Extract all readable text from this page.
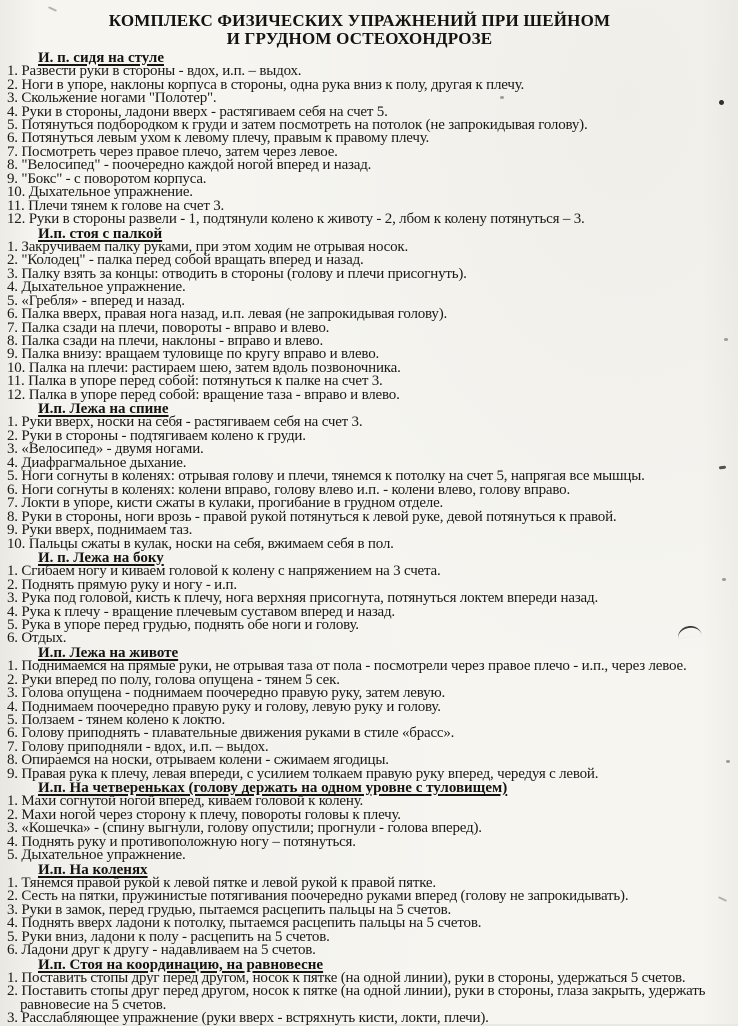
КОМПЛЕКС ФИЗИЧЕСКИХ УПРАЖНЕНИЙ ПРИ ШЕЙНОМ
И ГРУДНОМ ОСТЕОХОНДРОЗЕ
И. п. сидя на стуле
1. Развести руки в стороны - вдох, и.п. – выдох.
2. Ноги в упоре, наклоны корпуса в стороны, одна рука вниз к полу, другая к плечу.
3. Скольжение ногами "Полотер".
4. Руки в стороны, ладони вверх - растягиваем себя на счет 5.
5. Потянуться подбородком к груди и затем посмотреть на потолок (не запрокидывая голову).
6. Потянуться левым ухом к левому плечу, правым к правому плечу.
7. Посмотреть через правое плечо, затем через левое.
8. "Велосипед" - поочередно каждой ногой вперед и назад.
9. "Бокс" - с поворотом корпуса.
10. Дыхательное упражнение.
11. Плечи тянем к голове на счет 3.
12. Руки в стороны развели - 1, подтянули колено к животу - 2, лбом к колену потянуться – 3.
И.п. стоя с палкой
1. Закручиваем палку руками, при этом ходим не отрывая носок.
2. "Колодец" - палка перед собой вращать вперед и назад.
3. Палку взять за концы: отводить в стороны (голову и плечи присогнуть).
4. Дыхательное упражнение.
5. «Гребля» - вперед и назад.
6. Палка вверх, правая нога назад, и.п. левая (не запрокидывая голову).
7. Палка сзади на плечи, повороты - вправо и влево.
8. Палка сзади на плечи, наклоны - вправо и влево.
9. Палка внизу: вращаем туловище по кругу вправо и влево.
10. Палка на плечи: растираем шею, затем вдоль позвоночника.
11. Палка в упоре перед собой: потянуться к палке на счет 3.
12. Палка в упоре перед собой: вращение таза - вправо и влево.
И.п. Лежа на спине
1. Руки вверх, носки на себя - растягиваем себя на счет 3.
2. Руки в стороны - подтягиваем колено к груди.
3. «Велосипед» - двумя ногами.
4. Диафрагмальное дыхание.
5. Ноги согнуты в коленях: отрывая голову и плечи, тянемся к потолку на счет 5, напрягая все мышцы.
6. Ноги согнуты в коленях: колени вправо, голову влево и.п. - колени влево, голову вправо.
7. Локти в упоре, кисти сжаты в кулаки, прогибание в грудном отделе.
8. Руки в стороны, ноги врозь - правой рукой потянуться к левой руке, девой потянуться к правой.
9. Руки вверх, поднимаем таз.
10. Пальцы сжаты в кулак, носки на себя, вжимаем себя в пол.
И. п. Лежа на боку
1. Сгибаем ногу и киваем головой к колену с напряжением на 3 счета.
2. Поднять прямую руку и ногу - и.п.
3. Рука под головой, кисть к плечу, нога верхняя присогнута, потянуться локтем впереди назад.
4. Рука к плечу - вращение плечевым суставом вперед и назад.
5. Рука в упоре перед грудью, поднять обе ноги и голову.
6. Отдых.
И.п. Лежа на животе
1. Поднимаемся на прямые руки, не отрывая таза от пола - посмотрели через правое плечо - и.п., через левое.
2. Руки вперед по полу, голова опущена - тянем 5 сек.
3. Голова опущена - поднимаем поочередно правую руку, затем левую.
4. Поднимаем поочередно правую руку и голову, левую руку и голову.
5. Ползаем - тянем колено к локтю.
6. Голову приподнять - плавательные движения руками в стиле «брасс».
7. Голову приподняли - вдох, и.п. – выдох.
8. Опираемся на носки, отрываем колени - сжимаем ягодицы.
9. Правая рука к плечу, левая впереди, с усилием толкаем правую руку вперед, чередуя с левой.
И.п. На четвереньках (голову держать на одном уровне с туловищем)
1. Махи согнутой ногой вперед, киваем головой к колену.
2. Махи ногой через сторону к плечу, повороты головы к плечу.
3. «Кошечка» - (спину выгнули, голову опустили; прогнули - голова вперед).
4. Поднять руку и противоположную ногу – потянуться.
5. Дыхательное упражнение.
И.п. На коленях
1. Тянемся правой рукой к левой пятке и левой рукой к правой пятке.
2. Сесть на пятки, пружинистые потягивания поочередно руками вперед (голову не запрокидывать).
3. Руки в замок, перед грудью, пытаемся расцепить пальцы на 5 счетов.
4. Поднять вверх ладони к потолку, пытаемся расцепить пальцы на 5 счетов.
5. Руки вниз, ладони к полу - расцепить на 5 счетов.
6. Ладони друг к другу - надавливаем на 5 счетов.
И.п. Стоя на координацию, на равновесне
1. Поставить стопы друг перед другом, носок к пятке (на одной линии), руки в стороны, удержаться 5 счетов.
2. Поставить стопы друг перед другом, носок к пятке (на одной линии), руки в стороны, глаза закрыть, удержать равновесие на 5 счетов.
3. Расслабляющее упражнение (руки вверх - встряхнуть кисти, локти, плечи).
